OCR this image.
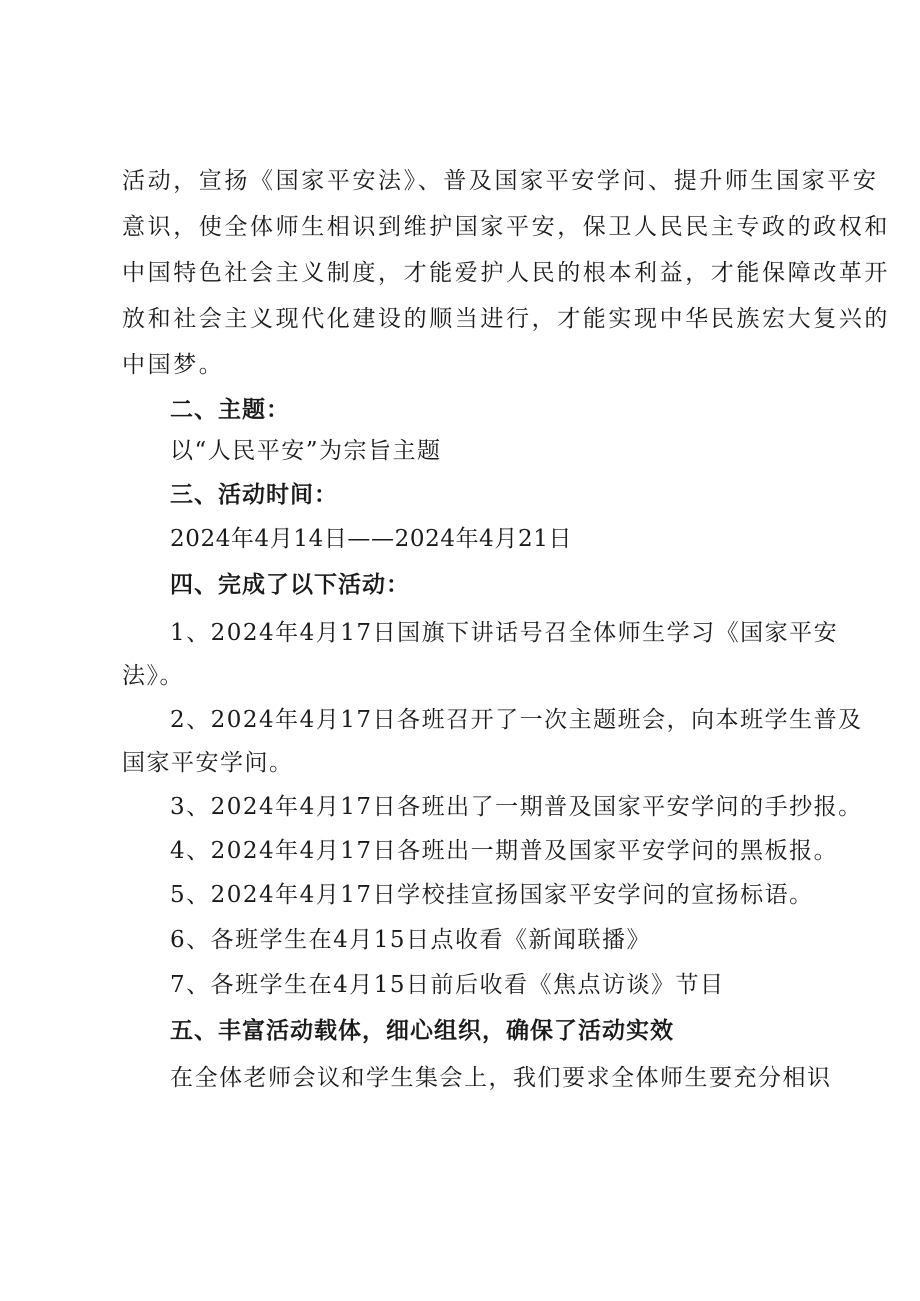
活动，宣扬《国家平安法》、普及国家平安学问、提升师生国家平安
意识，使全体师生相识到维护国家平安，保卫人民民主专政的政权和
中国特色社会主义制度，才能爱护人民的根本利益，才能保障改革开
放和社会主义现代化建设的顺当进行，才能实现中华民族宏大复兴的
中国梦。
二、主题：
以“人民平安”为宗旨主题
三、活动时间：
2024年4月14日——2024年4月21日
四、完成了以下活动：
1、2024年4月17日国旗下讲话号召全体师生学习《国家平安
法》。
2、2024年4月17日各班召开了一次主题班会，向本班学生普及
国家平安学问。
3、2024年4月17日各班出了一期普及国家平安学问的手抄报。
4、2024年4月17日各班出一期普及国家平安学问的黑板报。
5、2024年4月17日学校挂宣扬国家平安学问的宣扬标语。
6、各班学生在4月15日点收看《新闻联播》
7、各班学生在4月15日前后收看《焦点访谈》节目
五、丰富活动载体，细心组织，确保了活动实效
在全体老师会议和学生集会上，我们要求全体师生要充分相识
